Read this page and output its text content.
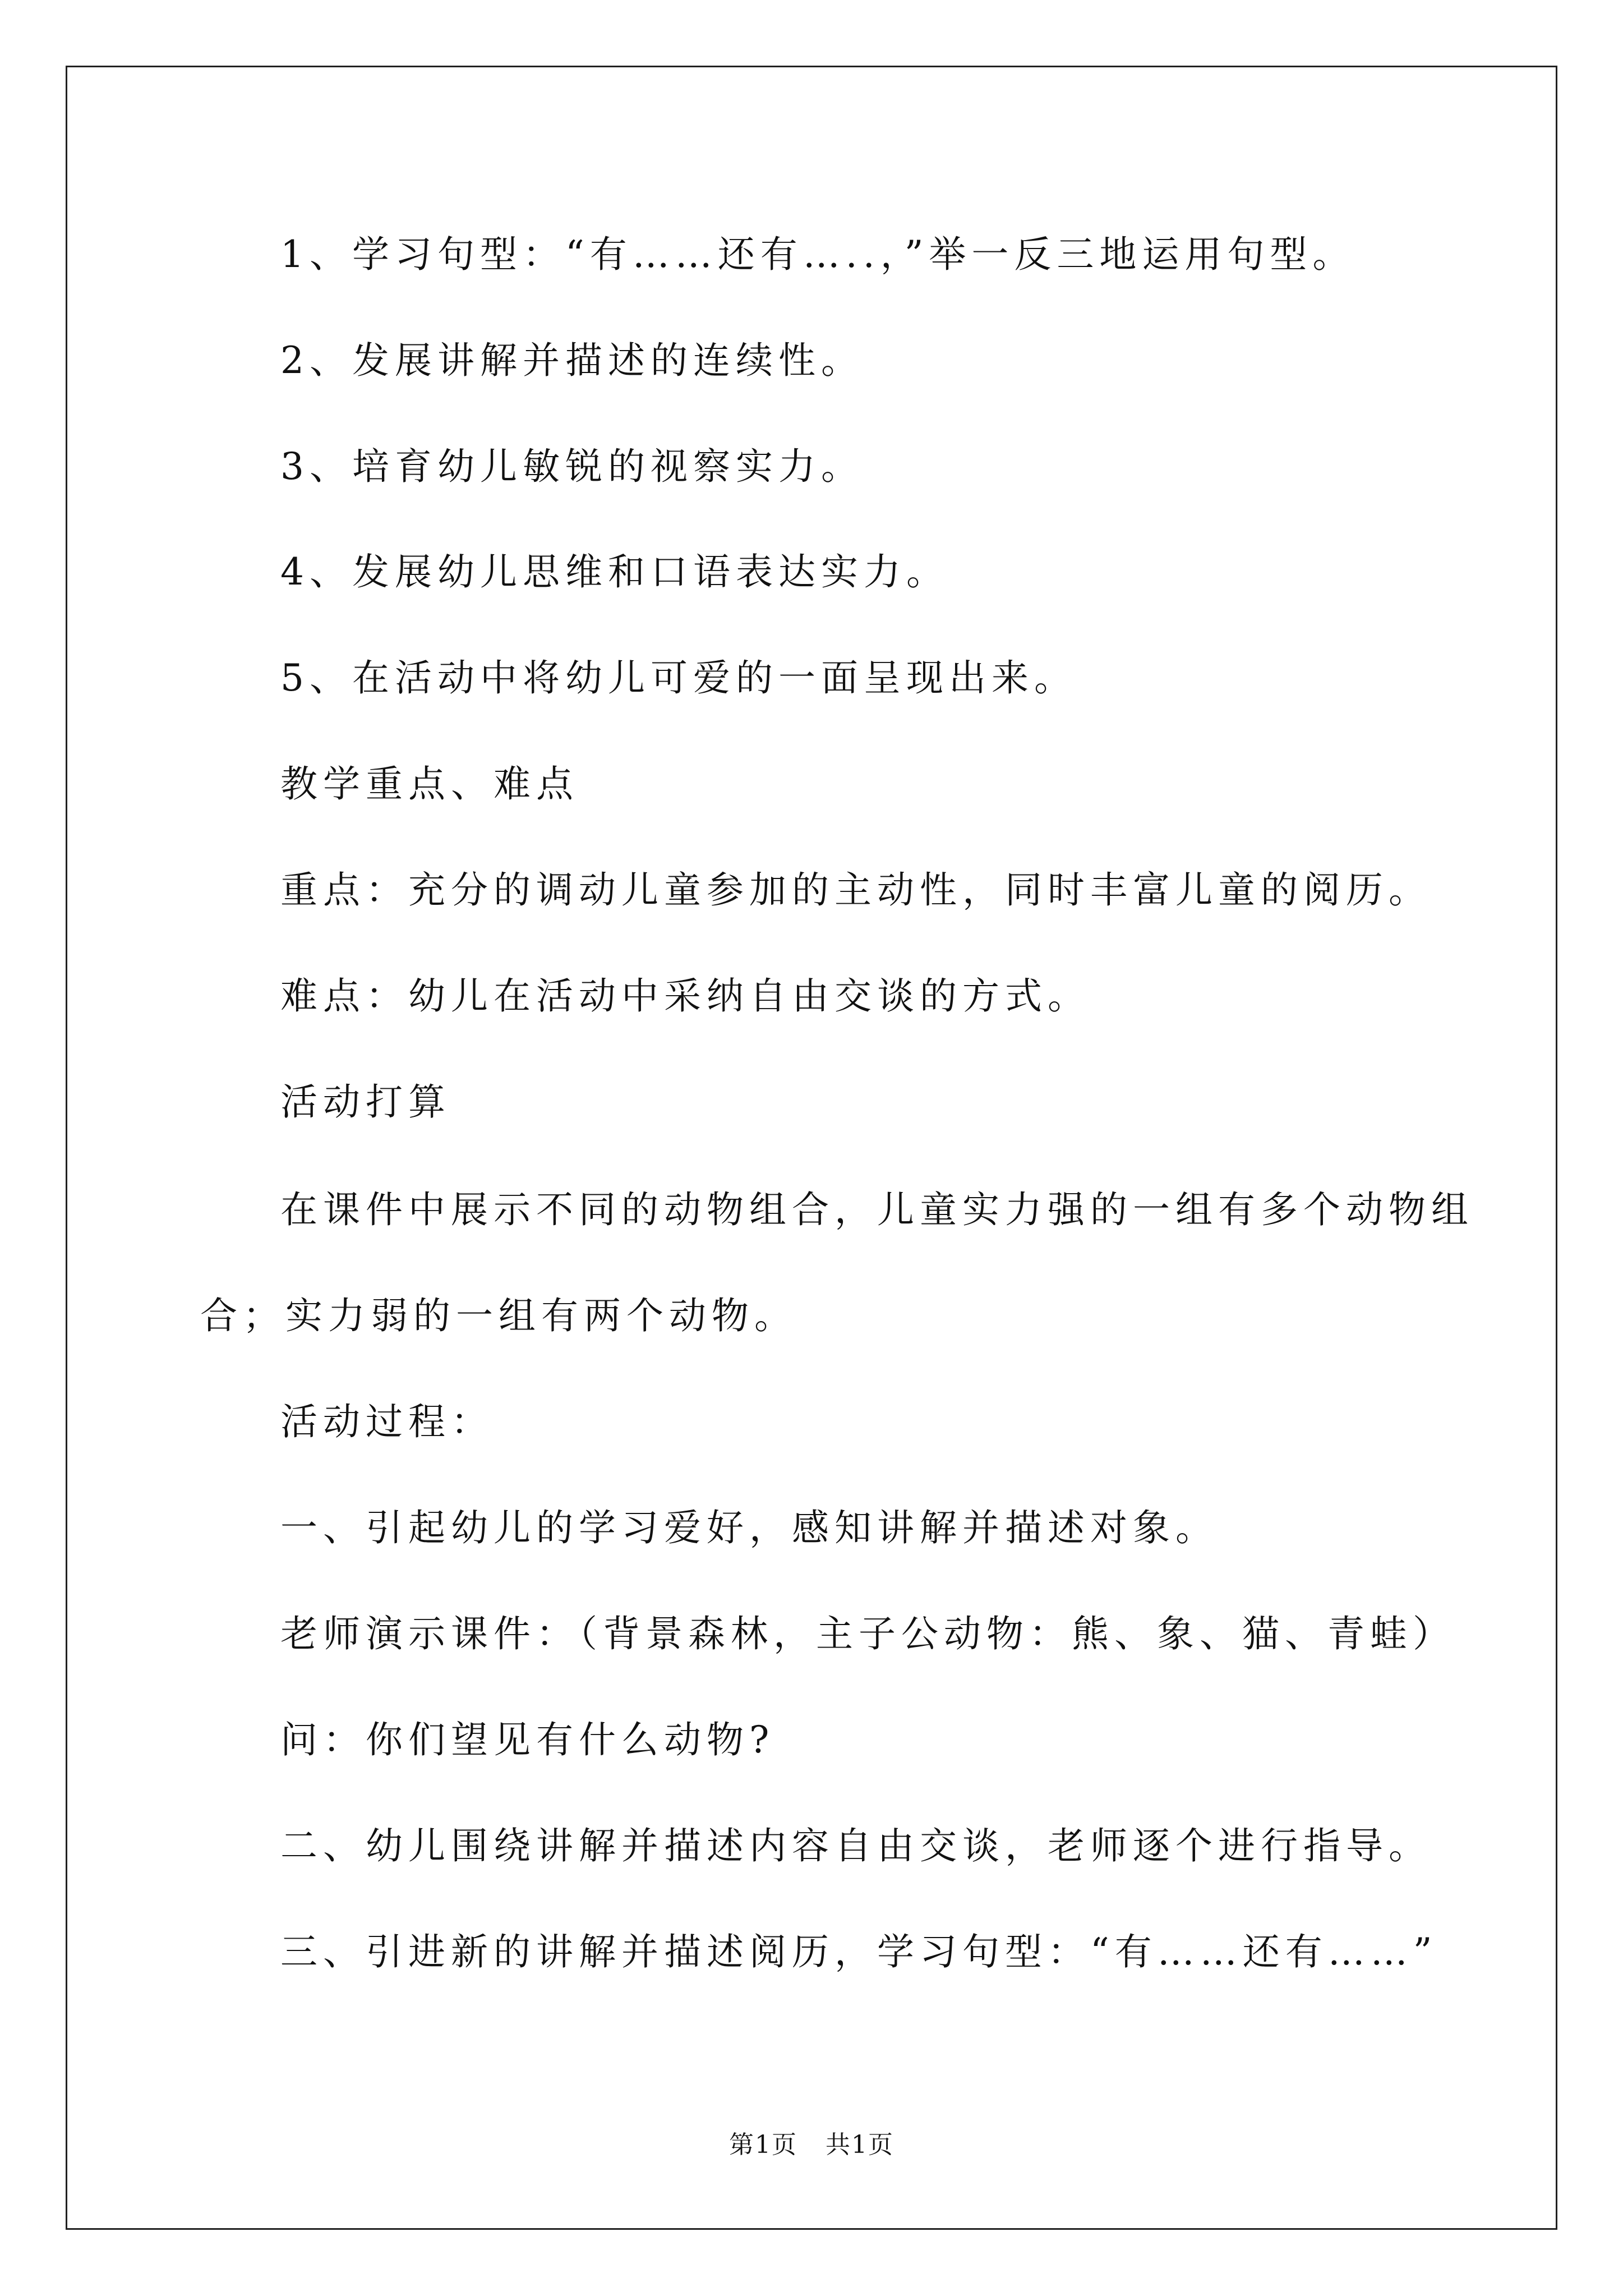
1、学习句型：“有……还有…..，”举一反三地运用句型。
2、发展讲解并描述的连续性。
3、培育幼儿敏锐的视察实力。
4、发展幼儿思维和口语表达实力。
5、在活动中将幼儿可爱的一面呈现出来。
教学重点、难点
重点：充分的调动儿童参加的主动性，同时丰富儿童的阅历。
难点：幼儿在活动中采纳自由交谈的方式。
活动打算
在课件中展示不同的动物组合，儿童实力强的一组有多个动物组
合；实力弱的一组有两个动物。
活动过程：
一、引起幼儿的学习爱好，感知讲解并描述对象。
老师演示课件：（背景森林，主子公动物：熊、象、猫、青蛙）
问：你们望见有什么动物?
二、幼儿围绕讲解并描述内容自由交谈，老师逐个进行指导。
三、引进新的讲解并描述阅历，学习句型：“有……还有……”
第1页 共1页
